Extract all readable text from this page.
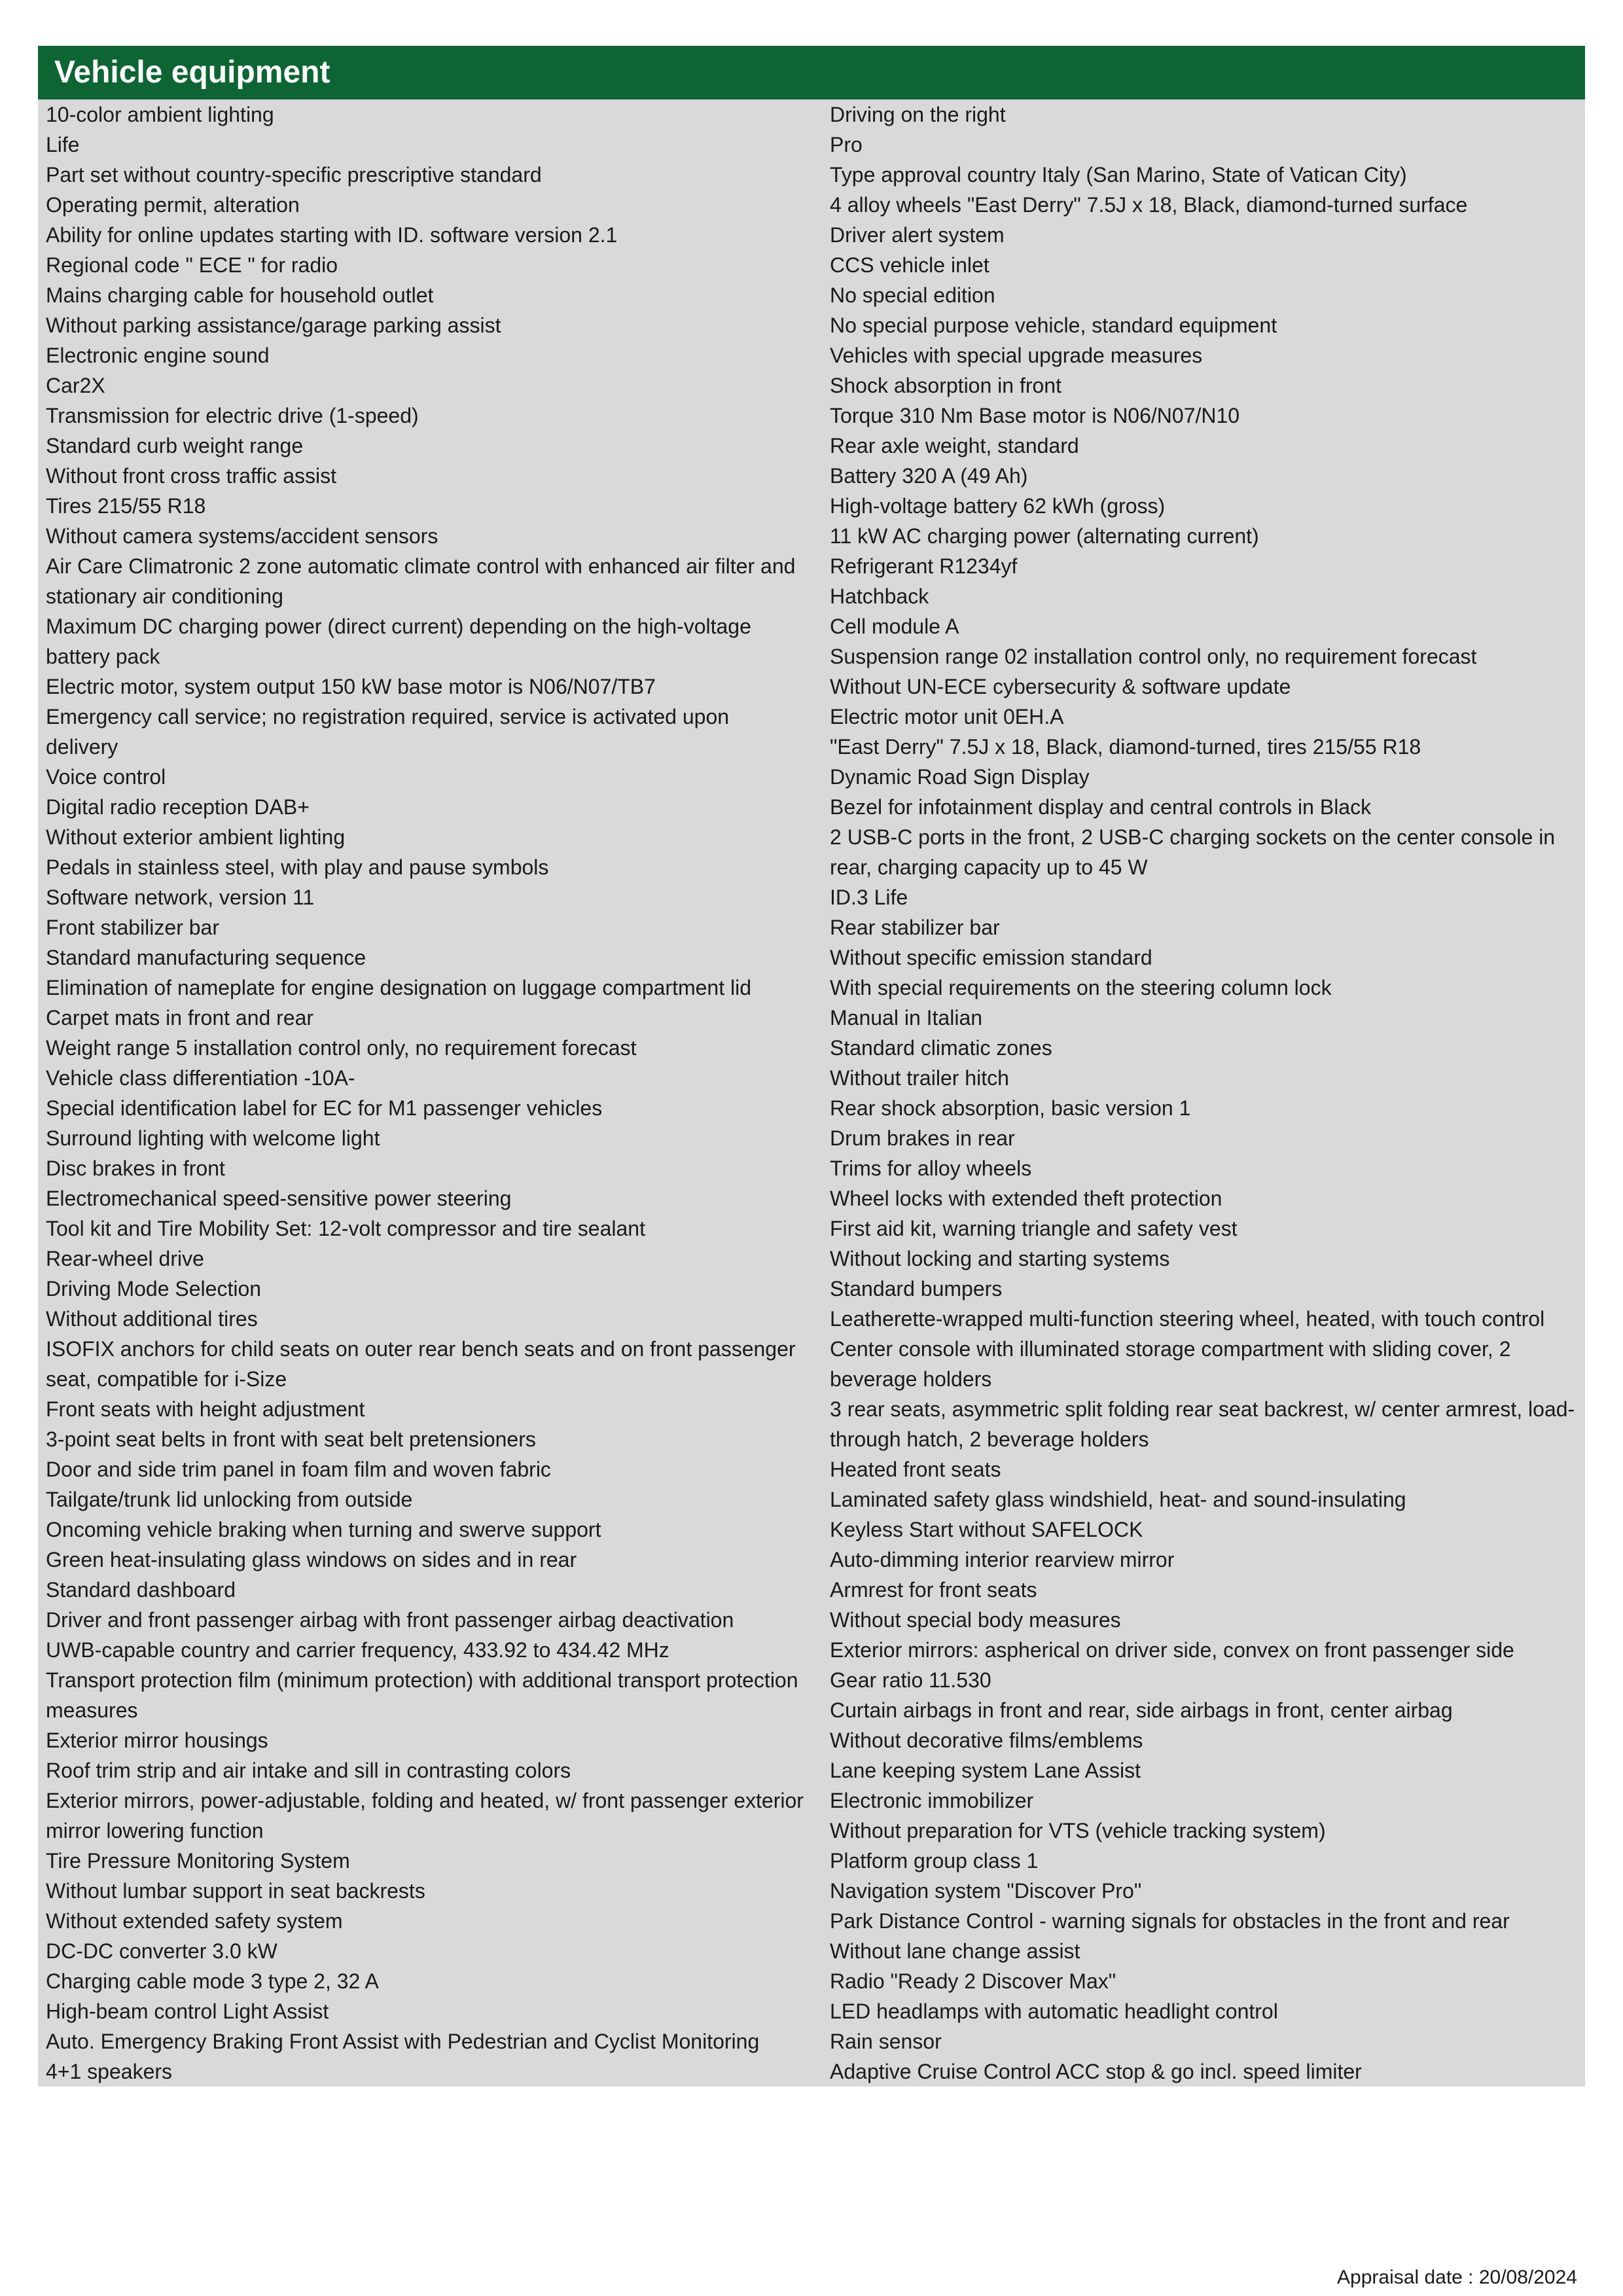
Vehicle equipment
10-color ambient lighting
Life
Part set without country-specific prescriptive standard
Operating permit, alteration
Ability for online updates starting with ID. software version 2.1
Regional code " ECE " for radio
Mains charging cable for household outlet
Without parking assistance/garage parking assist
Electronic engine sound
Car2X
Transmission for electric drive (1-speed)
Standard curb weight range
Without front cross traffic assist
Tires 215/55 R18
Without camera systems/accident sensors
Air Care Climatronic 2 zone automatic climate control with enhanced air filter and stationary air conditioning
Maximum DC charging power (direct current) depending on the high-voltage battery pack
Electric motor, system output 150 kW base motor is N06/N07/TB7
Emergency call service; no registration required, service is activated upon delivery
Voice control
Digital radio reception DAB+
Without exterior ambient lighting
Pedals in stainless steel, with play and pause symbols
Software network, version 11
Front stabilizer bar
Standard manufacturing sequence
Elimination of nameplate for engine designation on luggage compartment lid
Carpet mats in front and rear
Weight range 5 installation control only, no requirement forecast
Vehicle class differentiation -10A-
Special identification label for EC for M1 passenger vehicles
Surround lighting with welcome light
Disc brakes in front
Electromechanical speed-sensitive power steering
Tool kit and Tire Mobility Set: 12-volt compressor and tire sealant
Rear-wheel drive
Driving Mode Selection
Without additional tires
ISOFIX anchors for child seats on outer rear bench seats and on front passenger seat, compatible for i-Size
Front seats with height adjustment
3-point seat belts in front with seat belt pretensioners
Door and side trim panel in foam film and woven fabric
Tailgate/trunk lid unlocking from outside
Oncoming vehicle braking when turning and swerve support
Green heat-insulating glass windows on sides and in rear
Standard dashboard
Driver and front passenger airbag with front passenger airbag deactivation
UWB-capable country and carrier frequency, 433.92 to 434.42 MHz
Transport protection film (minimum protection) with additional transport protection measures
Exterior mirror housings
Roof trim strip and air intake and sill in contrasting colors
Exterior mirrors, power-adjustable, folding and heated, w/ front passenger exterior mirror lowering function
Tire Pressure Monitoring System
Without lumbar support in seat backrests
Without extended safety system
DC-DC converter 3.0 kW
Charging cable mode 3 type 2, 32 A
High-beam control Light Assist
Auto. Emergency Braking Front Assist with Pedestrian and Cyclist Monitoring
4+1 speakers
Driving on the right
Pro
Type approval country Italy (San Marino, State of Vatican City)
4 alloy wheels "East Derry" 7.5J x 18, Black, diamond-turned surface
Driver alert system
CCS vehicle inlet
No special edition
No special purpose vehicle, standard equipment
Vehicles with special upgrade measures
Shock absorption in front
Torque 310 Nm Base motor is N06/N07/N10
Rear axle weight, standard
Battery 320 A (49 Ah)
High-voltage battery 62 kWh (gross)
11 kW AC charging power (alternating current)
Refrigerant R1234yf
Hatchback
Cell module A
Suspension range 02 installation control only, no requirement forecast
Without UN-ECE cybersecurity & software update
Electric motor unit 0EH.A
"East Derry" 7.5J x 18, Black, diamond-turned, tires 215/55 R18
Dynamic Road Sign Display
Bezel for infotainment display and central controls in Black
2 USB-C ports in the front, 2 USB-C charging sockets on the center console in rear, charging capacity up to 45 W
ID.3 Life
Rear stabilizer bar
Without specific emission standard
With special requirements on the steering column lock
Manual in Italian
Standard climatic zones
Without trailer hitch
Rear shock absorption, basic version 1
Drum brakes in rear
Trims for alloy wheels
Wheel locks with extended theft protection
First aid kit, warning triangle and safety vest
Without locking and starting systems
Standard bumpers
Leatherette-wrapped multi-function steering wheel, heated, with touch control
Center console with illuminated storage compartment with sliding cover, 2 beverage holders
3 rear seats, asymmetric split folding rear seat backrest, w/ center armrest, load-through hatch, 2 beverage holders
Heated front seats
Laminated safety glass windshield, heat- and sound-insulating
Keyless Start without SAFELOCK
Auto-dimming interior rearview mirror
Armrest for front seats
Without special body measures
Exterior mirrors: aspherical on driver side, convex on front passenger side
Gear ratio 11.530
Curtain airbags in front and rear, side airbags in front, center airbag
Without decorative films/emblems
Lane keeping system Lane Assist
Electronic immobilizer
Without preparation for VTS (vehicle tracking system)
Platform group class 1
Navigation system "Discover Pro"
Park Distance Control - warning signals for obstacles in the front and rear
Without lane change assist
Radio "Ready 2 Discover Max"
LED headlamps with automatic headlight control
Rain sensor
Adaptive Cruise Control ACC stop & go incl. speed limiter
Appraisal date : 20/08/2024
